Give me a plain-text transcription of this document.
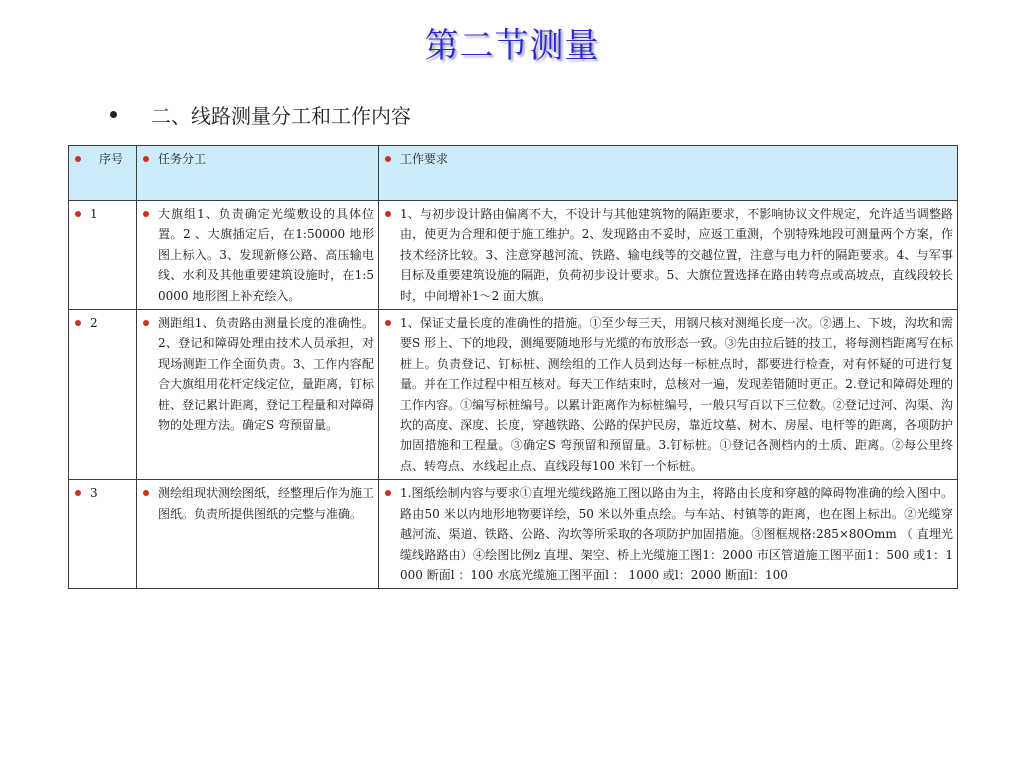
第二节测量
二、线路测量分工和工作内容
序号	任务分工	工作要求

1	大旗组1、负责确定光缆敷设的具体位置。2 、大旗插定后，在1:50000 地形图上标入。3、发现新修公路、高压输电线、水利及其他重要建筑设施时，在1:50000 地形图上补充绘入。	1、与初步设计路由偏离不大，不设计与其他建筑物的隔距要求，不影响协议文件规定，允许适当调整路由，使更为合理和便于施工维护。2、发现路由不妥时，应返工重测，个别特殊地段可测量两个方案，作技术经济比较。3、注意穿越河流、铁路、输电线等的交越位置，注意与电力杆的隔距要求。4、与军事目标及重要建筑设施的隔距，负荷初步设计要求。5、大旗位置选择在路由转弯点或高坡点，直线段较长时，中间增补1～2 面大旗。

2	测距组1、负责路由测量长度的准确性。2、登记和障碍处理由技术人员承担，对现场测距工作全面负责。3、工作内容配合大旗组用花杆定线定位，量距离，钉标桩、登记累计距离，登记工程量和对障碍物的处理方法。确定S 弯预留量。	1、保证丈量长度的准确性的措施。①至少每三天，用钢尺核对测绳长度一次。②遇上、下坡，沟坎和需要S 形上、下的地段，测绳要随地形与光缆的布放形态一致。③先由拉后链的技工，将每测档距离写在标桩上。负责登记、钉标桩、测绘组的工作人员到达每一标桩点时，都要进行检查，对有怀疑的可进行复量。并在工作过程中相互核对。每天工作结束时，总核对一遍，发现差错随时更正。2.登记和障碍处理的工作内容。①编写标桩编号。以累计距离作为标桩编号，一般只写百以下三位数。②登记过河、沟渠、沟坎的高度、深度、长度，穿越铁路、公路的保护民房，靠近坟墓、树木、房屋、电杆等的距离，各项防护加固措施和工程量。③确定S 弯预留和预留量。3.钉标桩。①登记各测档内的土质、距离。②每公里终点、转弯点、水线起止点、直线段每100 米钉一个标桩。

3	测绘组现状测绘图纸，经整理后作为施工图纸。负责所提供图纸的完整与准确。	1.图纸绘制内容与要求①直埋光缆线路施工图以路由为主，将路由长度和穿越的障碍物准确的绘入图中。路由50 米以内地形地物要详绘，50 米以外重点绘。与车站、村镇等的距离，也在图上标出。②光缆穿越河流、渠道、铁路、公路、沟坎等所采取的各项防护加固措施。③图框规格:285×80Omm （ 直埋光缆线路路由）④绘图比例z 直埋、架空、桥上光缆施工图1：2000 市区管道施工图平面1：500 或1：1000 断面l ：100 水底光缆施工图平面l ： 1000 或l：2000 断面l：100
